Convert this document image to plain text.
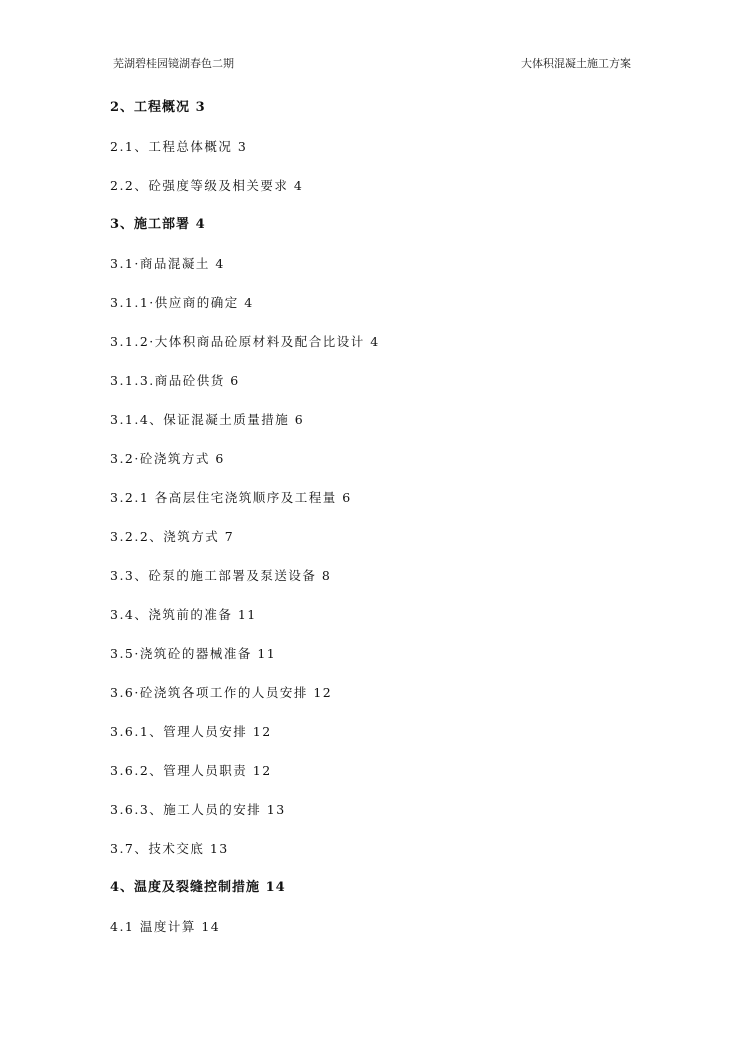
芜湖碧桂园镜湖春色二期	大体积混凝土施工方案
2、工程概况 3
2.1、工程总体概况 3
2.2、砼强度等级及相关要求 4
3、施工部署 4
3.1·商品混凝土 4
3.1.1·供应商的确定 4
3.1.2·大体积商品砼原材料及配合比设计 4
3.1.3.商品砼供货 6
3.1.4、保证混凝土质量措施 6
3.2·砼浇筑方式 6
3.2.1 各高层住宅浇筑顺序及工程量 6
3.2.2、浇筑方式 7
3.3、砼泵的施工部署及泵送设备 8
3.4、浇筑前的准备 11
3.5·浇筑砼的器械准备 11
3.6·砼浇筑各项工作的人员安排 12
3.6.1、管理人员安排 12
3.6.2、管理人员职责 12
3.6.3、施工人员的安排 13
3.7、技术交底 13
4、温度及裂缝控制措施 14
4.1 温度计算 14
